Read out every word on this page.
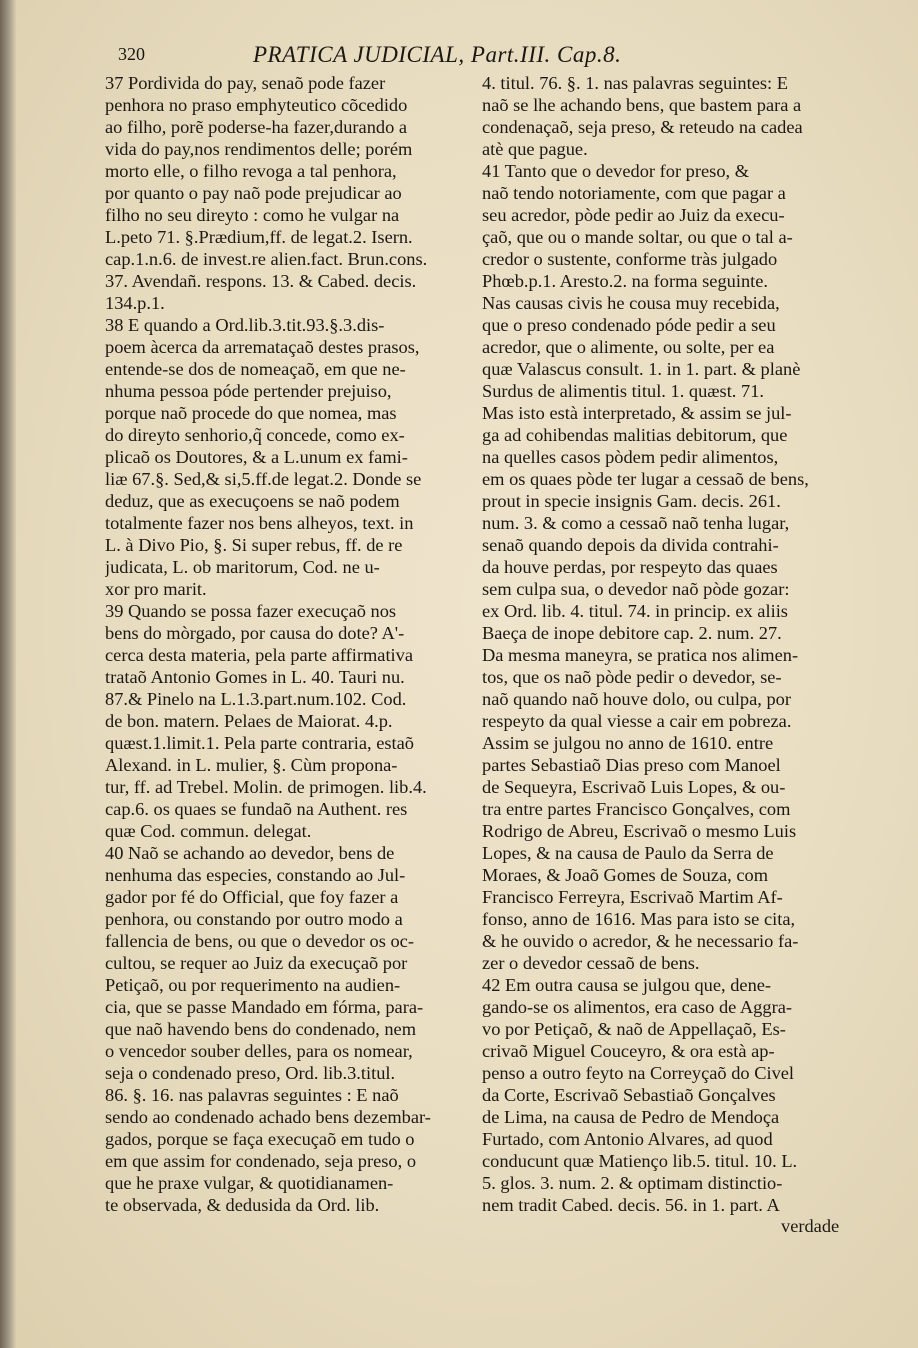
320	PRATICA JUDICIAL, Part.III. Cap.8.
37 Pordivida do pay, senaõ pode fazer
penhora no praso emphyteutico cõcedido
ao filho, porẽ poderse-ha fazer,durando a
vida do pay,nos rendimentos delle; porém
morto elle, o filho revoga a tal penhora,
por quanto o pay naõ pode prejudicar ao
filho no seu direyto : como he vulgar na
L.peto 71. §.Prædium,ff. de legat.2. Isern.
cap.1.n.6. de invest.re alien.fact. Brun.cons.
37. Avendañ. respons. 13. & Cabed. decis.
134.p.1.
38 E quando a Ord.lib.3.tit.93.§.3.dis-
poem àcerca da arremataçaõ destes prasos,
entende-se dos de nomeaçaõ, em que ne-
nhuma pessoa póde pertender prejuiso,
porque naõ procede do que nomea, mas
do direyto senhorio,q̃ concede, como ex-
plicaõ os Doutores, & a L.unum ex fami-
liæ 67.§. Sed,& si,5.ff.de legat.2. Donde se
deduz, que as execuçoens se naõ podem
totalmente fazer nos bens alheyos, text. in
L. à Divo Pio, §. Si super rebus, ff. de re
judicata, L. ob maritorum, Cod. ne u-
xor pro marit.
39 Quando se possa fazer execuçaõ nos
bens do mòrgado, por causa do dote? A'-
cerca desta materia, pela parte affirmativa
trataõ Antonio Gomes in L. 40. Tauri nu.
87.& Pinelo na L.1.3.part.num.102. Cod.
de bon. matern. Pelaes de Maiorat. 4.p.
quæst.1.limit.1. Pela parte contraria, estaõ
Alexand. in L. mulier, §. Cùm propona-
tur, ff. ad Trebel. Molin. de primogen. lib.4.
cap.6. os quaes se fundaõ na Authent. res
quæ Cod. commun. delegat.
40 Naõ se achando ao devedor, bens de
nenhuma das especies, constando ao Jul-
gador por fé do Official, que foy fazer a
penhora, ou constando por outro modo a
fallencia de bens, ou que o devedor os oc-
cultou, se requer ao Juiz da execuçaõ por
Petiçaõ, ou por requerimento na audien-
cia, que se passe Mandado em fórma, para-
que naõ havendo bens do condenado, nem
o vencedor souber delles, para os nomear,
seja o condenado preso, Ord. lib.3.titul.
86. §. 16. nas palavras seguintes : E naõ
sendo ao condenado achado bens dezembar-
gados, porque se faça execuçaõ em tudo o
em que assim for condenado, seja preso, o
que he praxe vulgar, & quotidianamen-
te observada, & dedusida da Ord. lib.
4. titul. 76. §. 1. nas palavras seguintes: E
naõ se lhe achando bens, que bastem para a
condenaçaõ, seja preso, & reteudo na cadea
atè que pague.
41 Tanto que o devedor for preso, &
naõ tendo notoriamente, com que pagar a
seu acredor, pòde pedir ao Juiz da execu-
çaõ, que ou o mande soltar, ou que o tal a-
credor o sustente, conforme tràs julgado
Phœb.p.1. Aresto.2. na forma seguinte.
Nas causas civis he cousa muy recebida,
que o preso condenado póde pedir a seu
acredor, que o alimente, ou solte, per ea
quæ Valascus consult. 1. in 1. part. & planè
Surdus de alimentis titul. 1. quæst. 71.
Mas isto està interpretado, & assim se jul-
ga ad cohibendas malitias debitorum, que
na quelles casos pòdem pedir alimentos,
em os quaes pòde ter lugar a cessaõ de bens,
prout in specie insignis Gam. decis. 261.
num. 3. & como a cessaõ naõ tenha lugar,
senaõ quando depois da divida contrahi-
da houve perdas, por respeyto das quaes
sem culpa sua, o devedor naõ pòde gozar:
ex Ord. lib. 4. titul. 74. in princip. ex aliis
Baeça de inope debitore cap. 2. num. 27.
Da mesma maneyra, se pratica nos alimen-
tos, que os naõ pòde pedir o devedor, se-
naõ quando naõ houve dolo, ou culpa, por
respeyto da qual viesse a cair em pobreza.
Assim se julgou no anno de 1610. entre
partes Sebastiaõ Dias preso com Manoel
de Sequeyra, Escrivaõ Luis Lopes, & ou-
tra entre partes Francisco Gonçalves, com
Rodrigo de Abreu, Escrivaõ o mesmo Luis
Lopes, & na causa de Paulo da Serra de
Moraes, & Joaõ Gomes de Souza, com
Francisco Ferreyra, Escrivaõ Martim Af-
fonso, anno de 1616. Mas para isto se cita,
& he ouvido o acredor, & he necessario fa-
zer o devedor cessaõ de bens.
42 Em outra causa se julgou que, dene-
gando-se os alimentos, era caso de Aggra-
vo por Petiçaõ, & naõ de Appellaçaõ, Es-
crivaõ Miguel Couceyro, & ora està ap-
penso a outro feyto na Correyçaõ do Civel
da Corte, Escrivaõ Sebastiaõ Gonçalves
de Lima, na causa de Pedro de Mendoça
Furtado, com Antonio Alvares, ad quod
conducunt quæ Matienço lib.5. titul. 10. L.
5. glos. 3. num. 2. & optimam distinctio-
nem tradit Cabed. decis. 56. in 1. part. A
verdade
